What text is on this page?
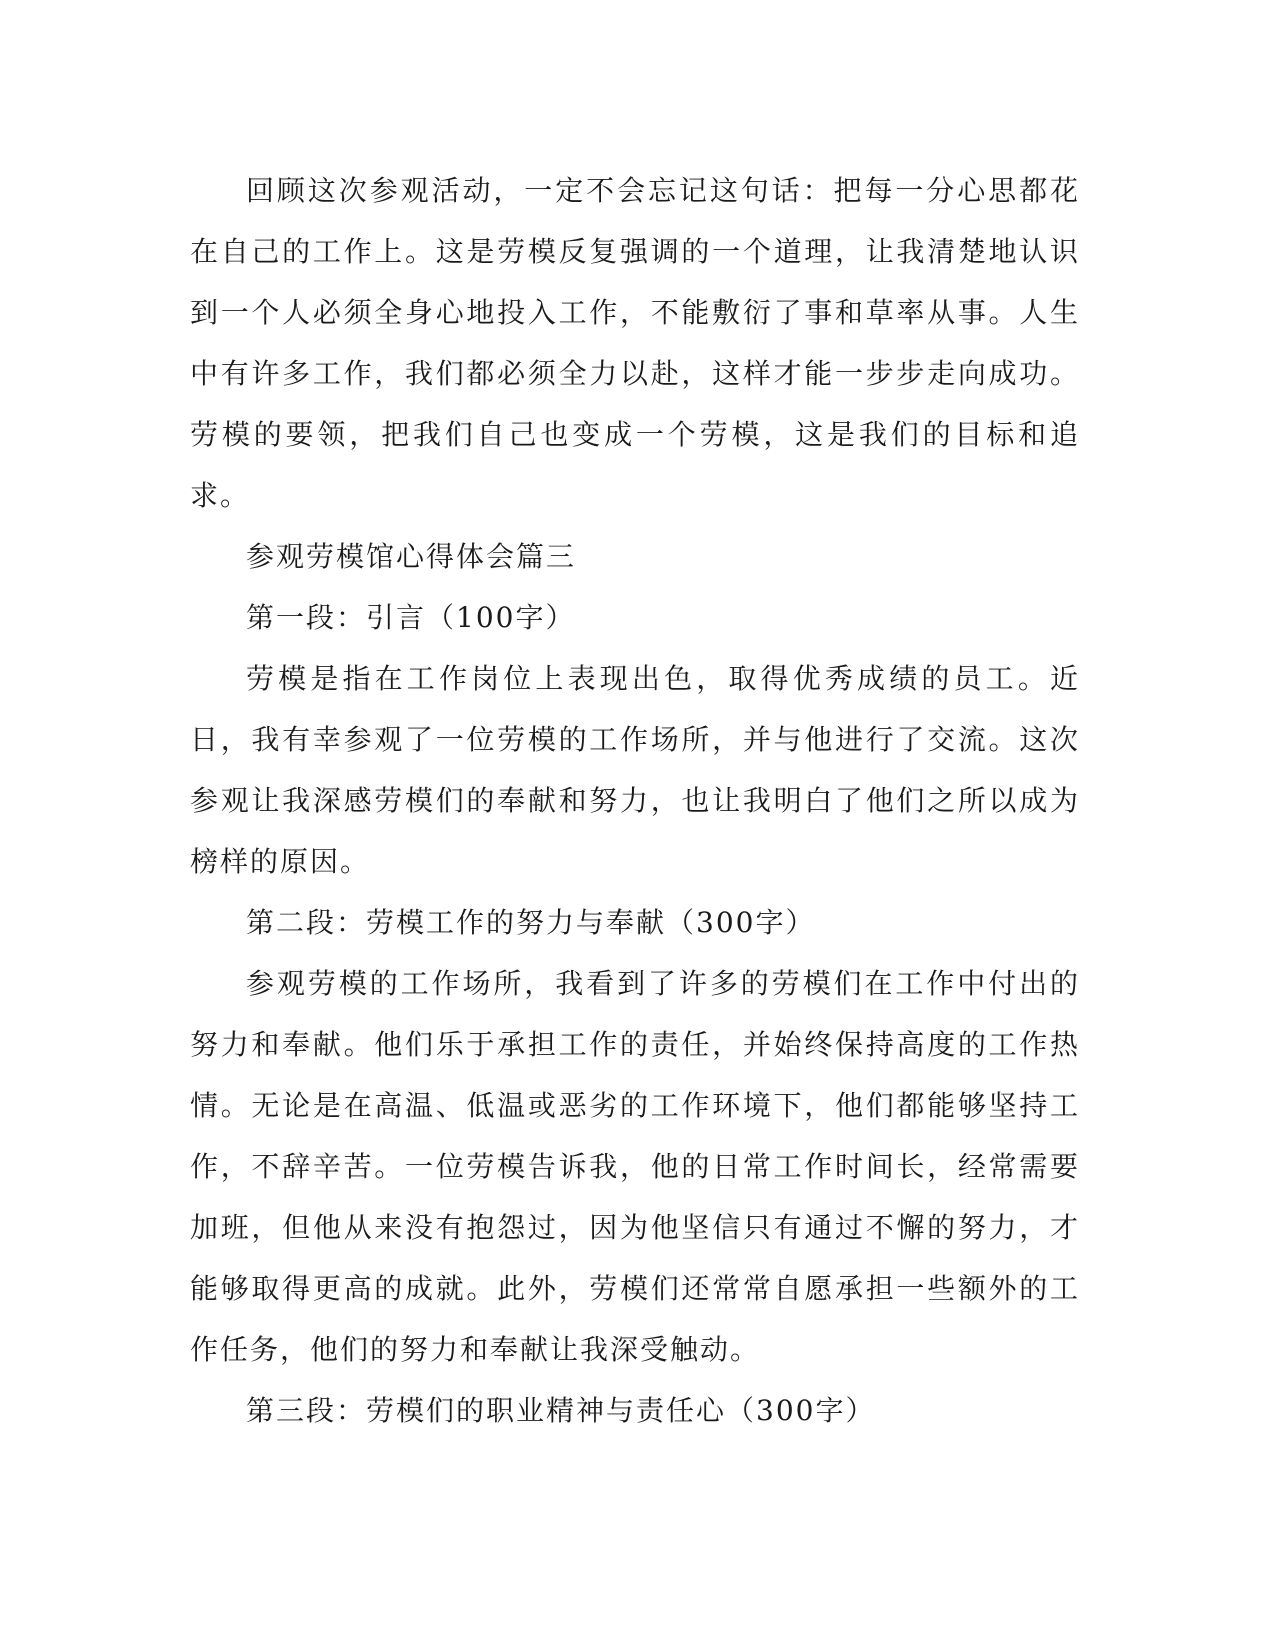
回顾这次参观活动，一定不会忘记这句话：把每一分心思都花在自己的工作上。这是劳模反复强调的一个道理，让我清楚地认识到一个人必须全身心地投入工作，不能敷衍了事和草率从事。人生中有许多工作，我们都必须全力以赴，这样才能一步步走向成功。劳模的要领，把我们自己也变成一个劳模，这是我们的目标和追求。

参观劳模馆心得体会篇三

第一段：引言（100字）

劳模是指在工作岗位上表现出色，取得优秀成绩的员工。近日，我有幸参观了一位劳模的工作场所，并与他进行了交流。这次参观让我深感劳模们的奉献和努力，也让我明白了他们之所以成为榜样的原因。

第二段：劳模工作的努力与奉献（300字）

参观劳模的工作场所，我看到了许多的劳模们在工作中付出的努力和奉献。他们乐于承担工作的责任，并始终保持高度的工作热情。无论是在高温、低温或恶劣的工作环境下，他们都能够坚持工作，不辞辛苦。一位劳模告诉我，他的日常工作时间长，经常需要加班，但他从来没有抱怨过，因为他坚信只有通过不懈的努力，才能够取得更高的成就。此外，劳模们还常常自愿承担一些额外的工作任务，他们的努力和奉献让我深受触动。

第三段：劳模们的职业精神与责任心（300字）
